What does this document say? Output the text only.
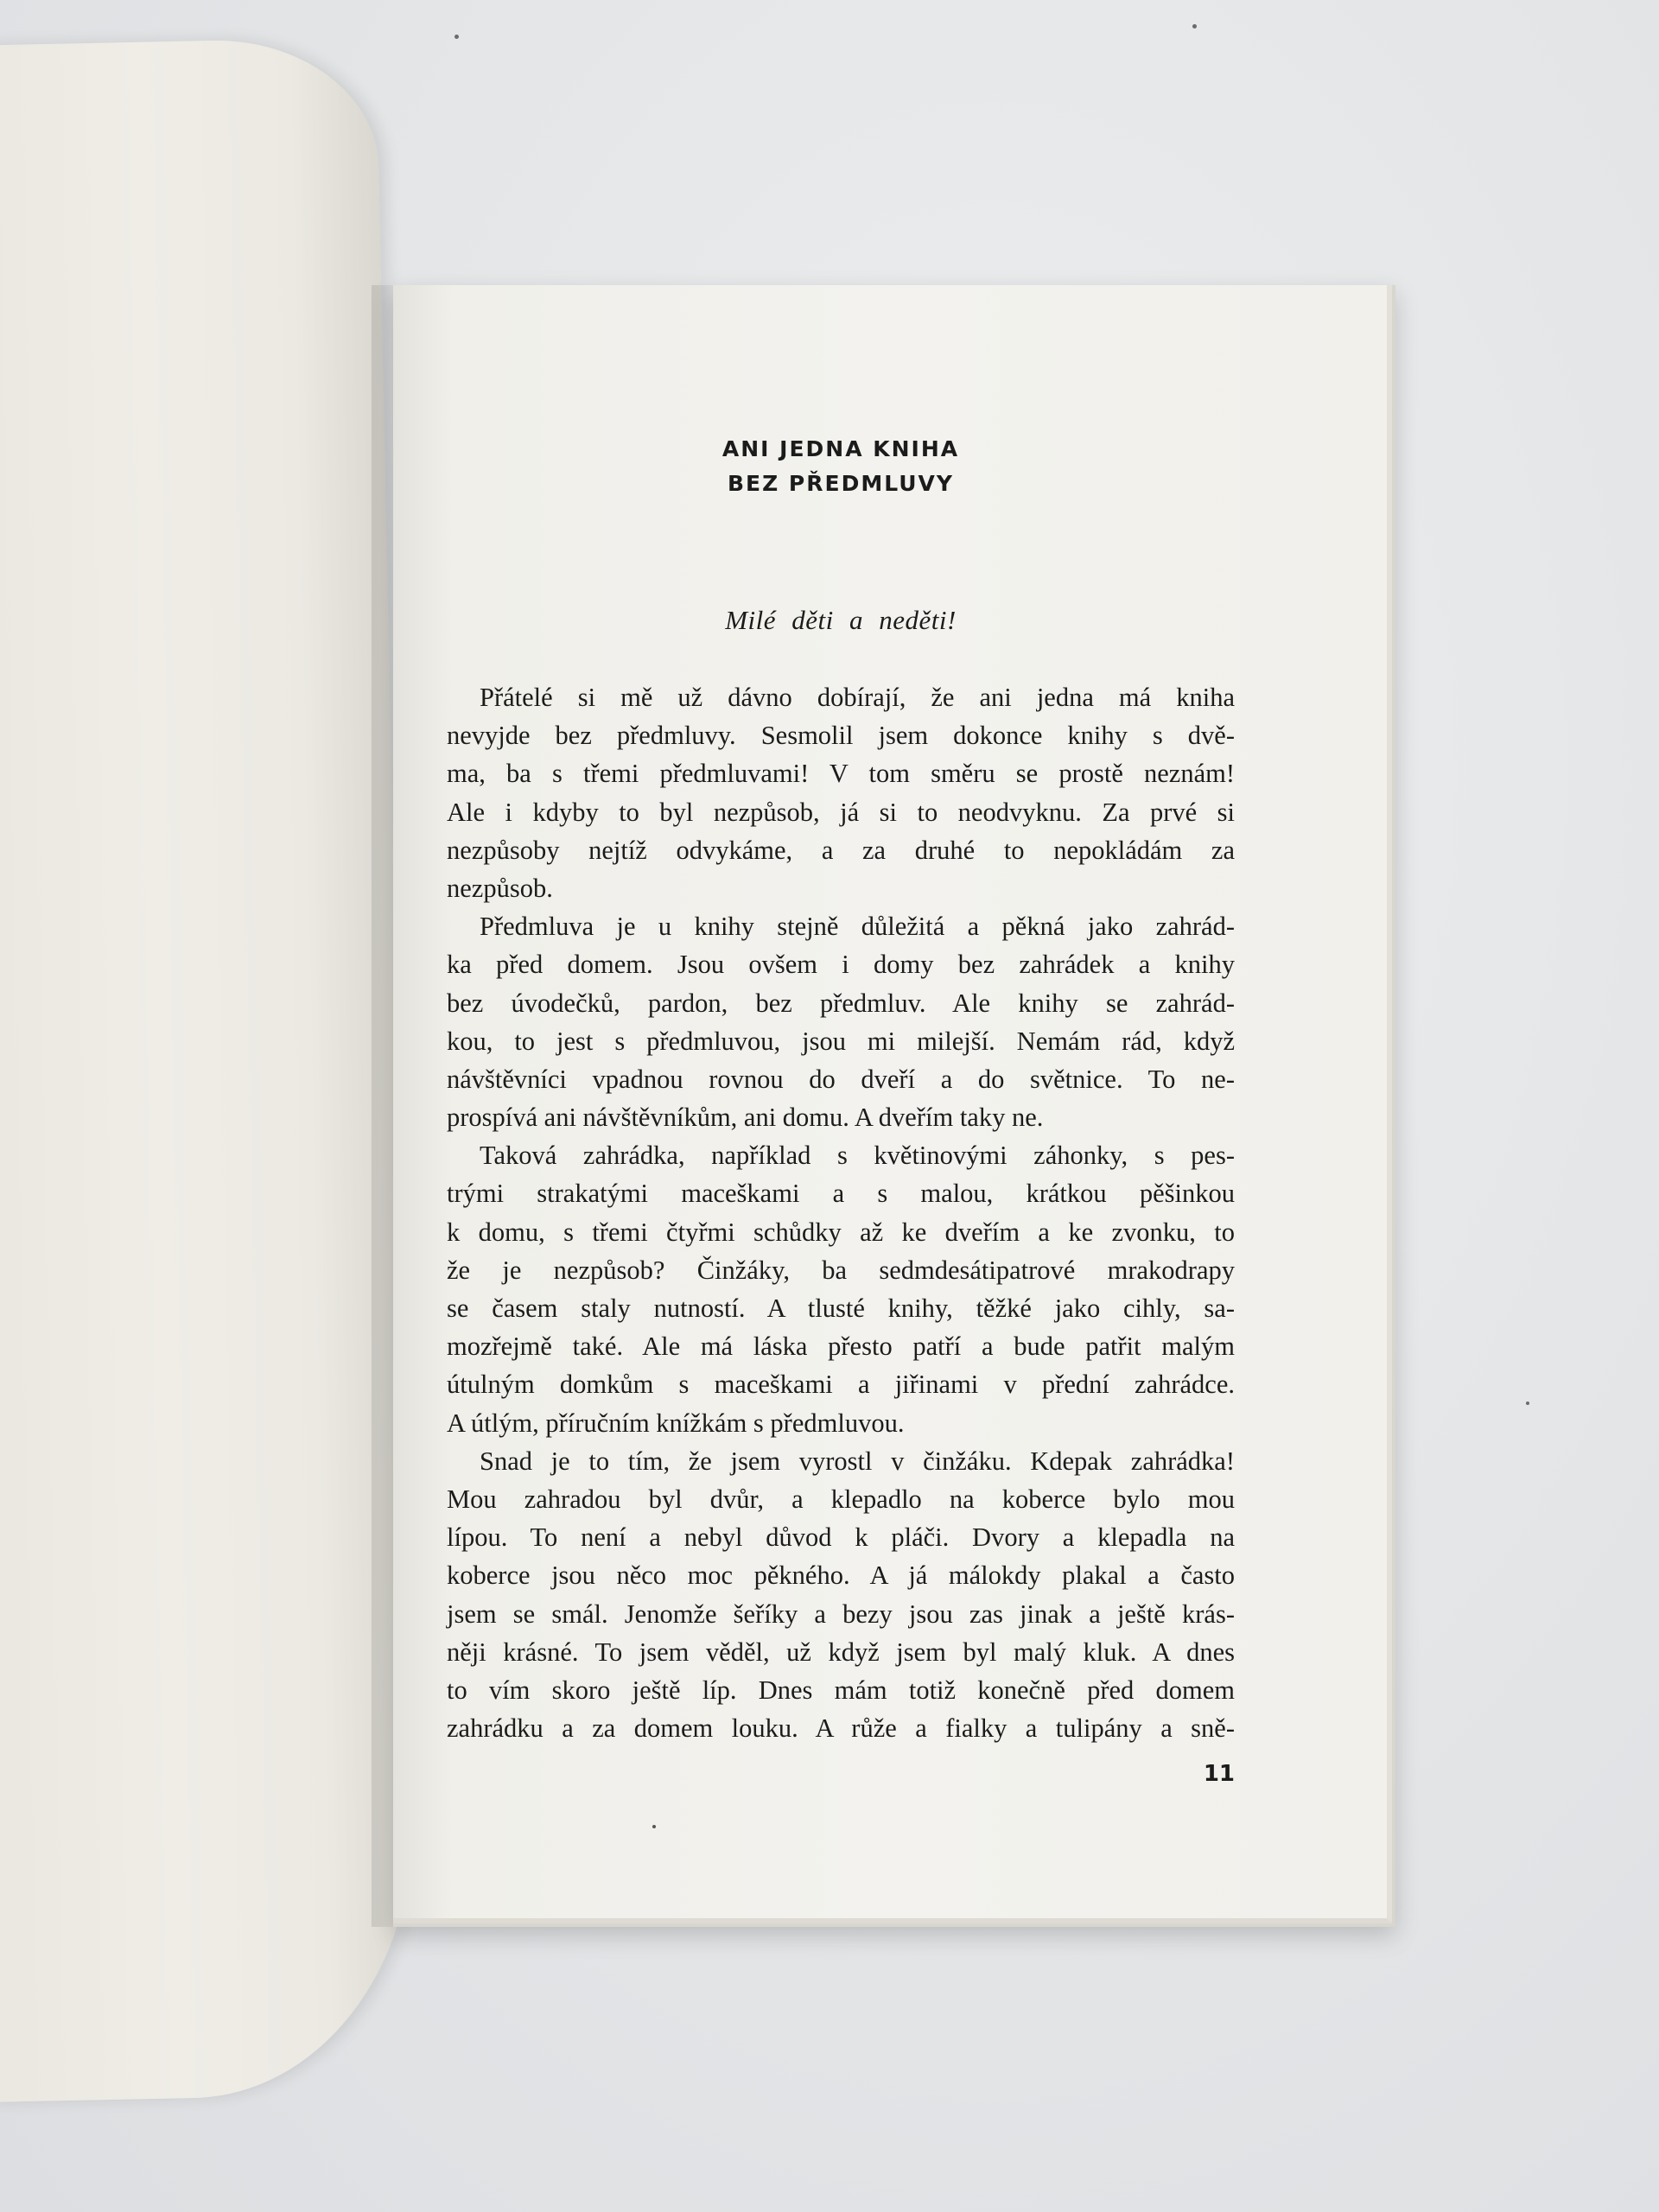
ANI JEDNA KNIHA
BEZ PŘEDMLUVY
Milé děti a neděti!
Přátelé si mě už dávno dobírají, že ani jedna má kniha
nevyjde bez předmluvy. Sesmolil jsem dokonce knihy s dvě-
ma, ba s třemi předmluvami! V tom směru se prostě neznám!
Ale i kdyby to byl nezpůsob, já si to neodvyknu. Za prvé si
nezpůsoby nejtíž odvykáme, a za druhé to nepokládám za
nezpůsob.
Předmluva je u knihy stejně důležitá a pěkná jako zahrád-
ka před domem. Jsou ovšem i domy bez zahrádek a knihy
bez úvodečků, pardon, bez předmluv. Ale knihy se zahrád-
kou, to jest s předmluvou, jsou mi milejší. Nemám rád, když
návštěvníci vpadnou rovnou do dveří a do světnice. To ne-
prospívá ani návštěvníkům, ani domu. A dveřím taky ne.
Taková zahrádka, například s květinovými záhonky, s pes-
trými strakatými maceškami a s malou, krátkou pěšinkou
k domu, s třemi čtyřmi schůdky až ke dveřím a ke zvonku, to
že je nezpůsob? Činžáky, ba sedmdesátipatrové mrakodrapy
se časem staly nutností. A tlusté knihy, těžké jako cihly, sa-
mozřejmě také. Ale má láska přesto patří a bude patřit malým
útulným domkům s maceškami a jiřinami v přední zahrádce.
A útlým, příručním knížkám s předmluvou.
Snad je to tím, že jsem vyrostl v činžáku. Kdepak zahrádka!
Mou zahradou byl dvůr, a klepadlo na koberce bylo mou
lípou. To není a nebyl důvod k pláči. Dvory a klepadla na
koberce jsou něco moc pěkného. A já málokdy plakal a často
jsem se smál. Jenomže šeříky a bezy jsou zas jinak a ještě krás-
něji krásné. To jsem věděl, už když jsem byl malý kluk. A dnes
to vím skoro ještě líp. Dnes mám totiž konečně před domem
zahrádku a za domem louku. A růže a fialky a tulipány a sně-
11
